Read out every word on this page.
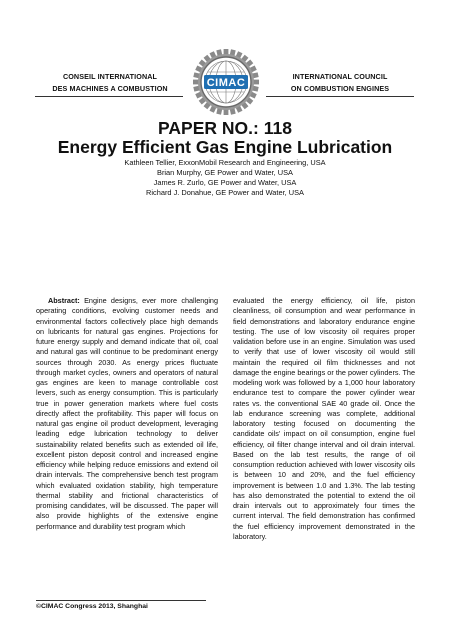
CONSEIL INTERNATIONAL
DES MACHINES A COMBUSTION	CIMAC
INTERNATIONAL COUNCIL
ON COMBUSTION ENGINES
PAPER NO.: 118
Energy Efficient Gas Engine Lubrication
Kathleen Tellier, ExxonMobil Research and Engineering, USA
Brian Murphy, GE Power and Water, USA
James R. Zurlo, GE Power and Water, USA
Richard J. Donahue, GE Power and Water, USA
Abstract: Engine designs, ever more challenging operating conditions, evolving customer needs and environmental factors collectively place high demands on lubricants for natural gas engines. Projections for future energy supply and demand indicate that oil, coal and natural gas will continue to be predominant energy sources through 2030. As energy prices fluctuate through market cycles, owners and operators of natural gas engines are keen to manage controllable cost levers, such as energy consumption. This is particularly true in power generation markets where fuel costs directly affect the profitability. This paper will focus on natural gas engine oil product development, leveraging leading edge lubrication technology to deliver sustainability related benefits such as extended oil life, excellent piston deposit control and increased engine efficiency while helping reduce emissions and extend oil drain intervals. The comprehensive bench test program which evaluated oxidation stability, high temperature thermal stability and frictional characteristics of promising candidates, will be discussed. The paper will also provide highlights of the extensive engine performance and durability test program which
evaluated the energy efficiency, oil life, piston cleanliness, oil consumption and wear performance in field demonstrations and laboratory endurance engine testing. The use of low viscosity oil requires proper validation before use in an engine. Simulation was used to verify that use of lower viscosity oil would still maintain the required oil film thicknesses and not damage the engine bearings or the power cylinders. The modeling work was followed by a 1,000 hour laboratory endurance test to compare the power cylinder wear rates vs. the conventional SAE 40 grade oil. Once the lab endurance screening was complete, additional laboratory testing focused on documenting the candidate oils' impact on oil consumption, engine fuel efficiency, oil filter change interval and oil drain interval. Based on the lab test results, the range of oil consumption reduction achieved with lower viscosity oils is between 10 and 20%, and the fuel efficiency improvement is between 1.0 and 1.3%. The lab testing has also demonstrated the potential to extend the oil drain intervals out to approximately four times the current interval. The field demonstration has confirmed the fuel efficiency improvement demonstrated in the laboratory.
©CIMAC Congress 2013, Shanghai
